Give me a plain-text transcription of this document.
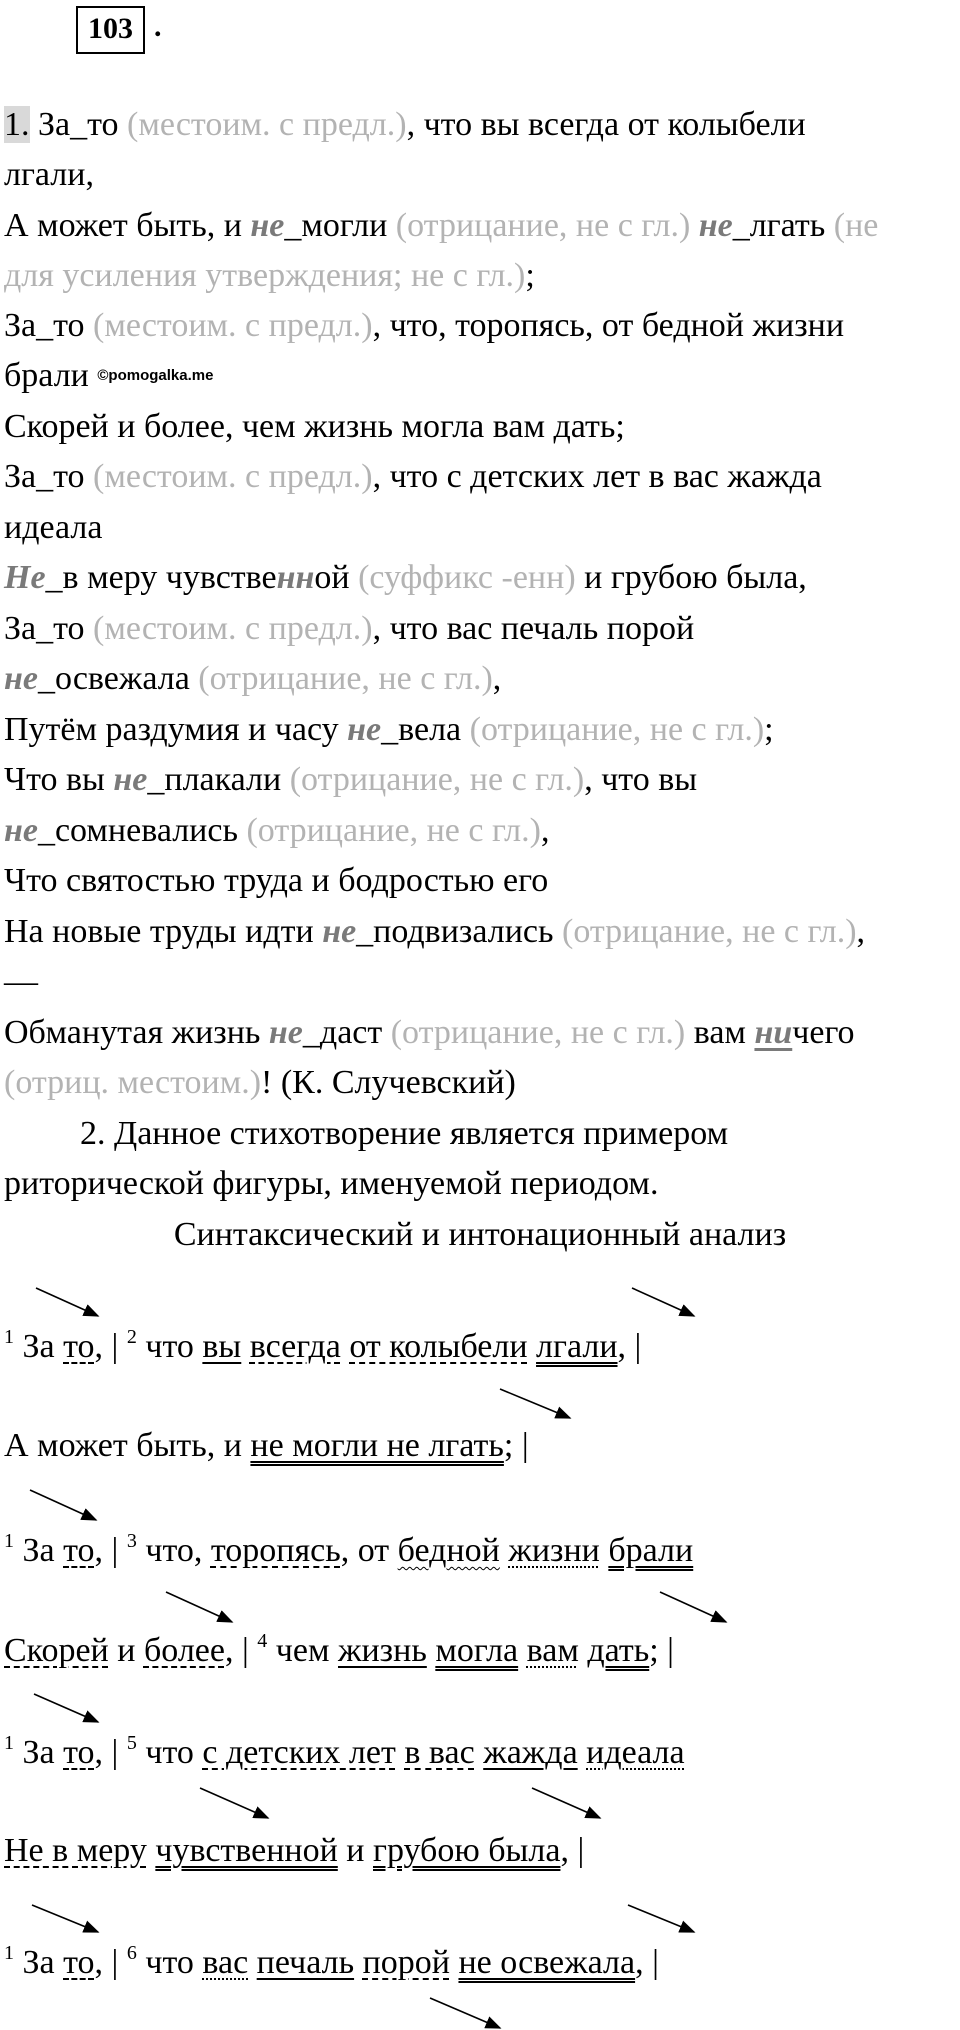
103 .
1. За_то (местоим. с предл.), что вы всегда от колыбели
лгали,
А может быть, и не_могли (отрицание, не с гл.) не_лгать (не
для усиления утверждения; не с гл.);
За_то (местоим. с предл.), что, торопясь, от бедной жизни
брали ©pomogalka.me
Скорей и более, чем жизнь могла вам дать;
За_то (местоим. с предл.), что с детских лет в вас жажда
идеала
Не_в меру чувственной (суффикс -енн) и грубою была,
За_то (местоим. с предл.), что вас печаль порой
не_освежала (отрицание, не с гл.),
Путём раздумия и часу не_вела (отрицание, не с гл.);
Что вы не_плакали (отрицание, не с гл.), что вы
не_сомневались (отрицание, не с гл.),
Что святостью труда и бодростью его
На новые труды идти не_подвизались (отрицание, не с гл.),
—
Обманутая жизнь не_даст (отрицание, не с гл.) вам ничего
(отриц. местоим.)! (К. Случевский)
2. Данное стихотворение является примером
риторической фигуры, именуемой периодом.
Синтаксический и интонационный анализ
$^1$ За то, | $^2$ что вы всегда от колыбели лгали, |
А может быть, и не могли не лгать; |
$^1$ За то, | $^3$ что, торопясь, от бедной жизни брали
Скорей и более, | $^4$ чем жизнь могла вам дать; |
$^1$ За то, | $^5$ что с детских лет в вас жажда идеала
Не в меру чувственной и грубою была, |
$^1$ За то, | $^6$ что вас печаль порой не освежала, |
